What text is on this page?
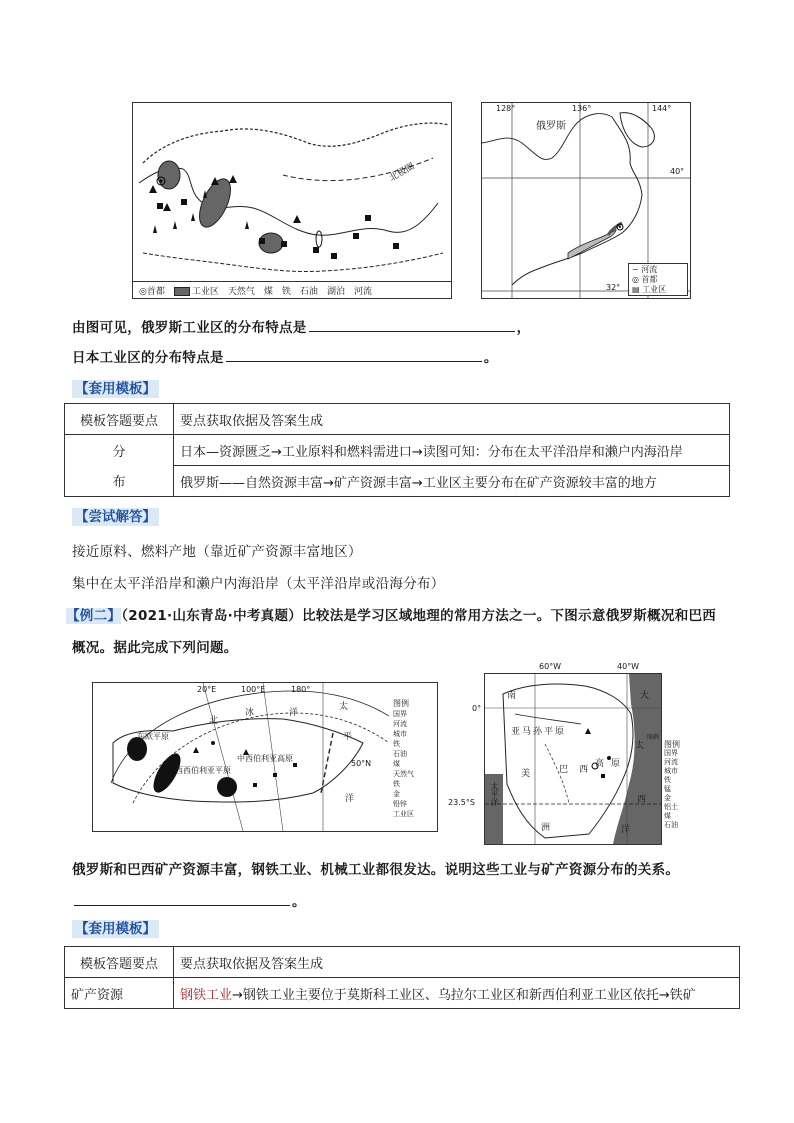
北极圈
◎首都	工业区 天然气 煤 铁 石油 湖泊 河流
128°	136°	144°
40°
32°
俄罗斯
~ 河流
◎ 首都
▤ 工业区
由图可见，俄罗斯工业区的分布特点是	，
日本工业区的分布特点是	。
【套用模板】
模板答题要点	要点获取依据及答案生成
分	日本—资源匮乏→工业原料和燃料需进口→读图可知：分布在太平洋沿岸和濑户内海沿岸
布	俄罗斯——自然资源丰富→矿产资源丰富→工业区主要分布在矿产资源较丰富的地方
【尝试解答】
接近原料、燃料产地（靠近矿产资源丰富地区）
集中在太平洋沿岸和濑户内海沿岸（太平洋沿岸或沿海分布）
【例二】（2021·山东青岛·中考真题）比较法是学习区域地理的常用方法之一。下图示意俄罗斯概况和巴西
概况。据此完成下列问题。
20°E	100°E	180°
50°N
东欧平原
西西伯利亚平原
中西伯利亚高原
北
冰	洋
太
平
洋
图例
国界
河流
城市
铁
石油
煤
天然气
铁
金
铅锌
工业区
60°W	40°W
亚马孙平原
巴 西
高 原
美
洲
南	大
太平洋	西
洋
太
图例
0°
23.5°S
图例
国界
河流
城市
铁
锰
金
铝土
煤
石油
俄罗斯和巴西矿产资源丰富，钢铁工业、机械工业都很发达。说明这些工业与矿产资源分布的关系。
。
【套用模板】
模板答题要点	要点获取依据及答案生成
矿产资源	钢铁工业→钢铁工业主要位于莫斯科工业区、乌拉尔工业区和新西伯利亚工业区依托→铁矿
